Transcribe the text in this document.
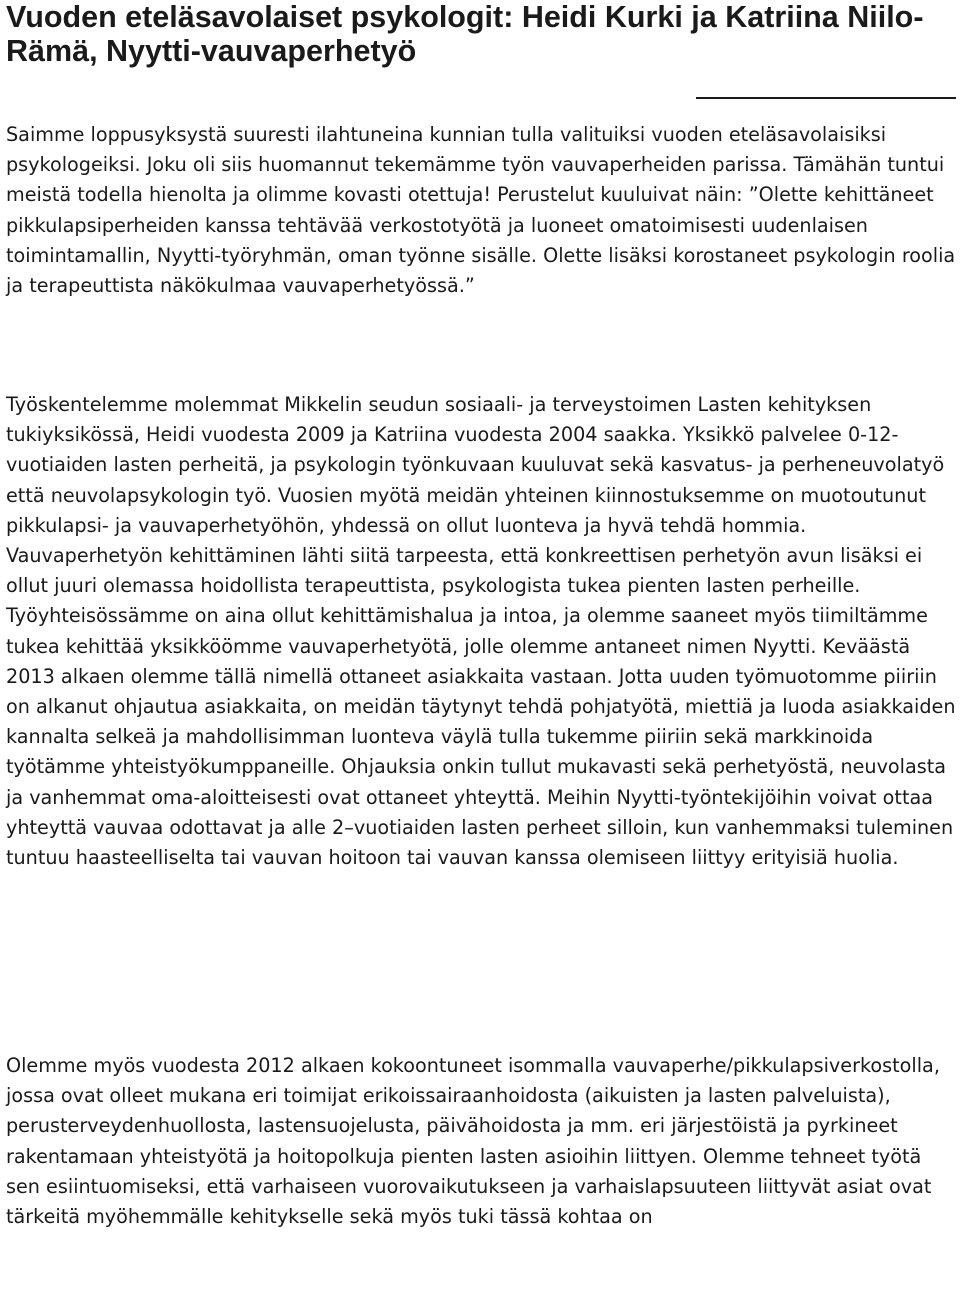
Vuoden eteläsavolaiset psykologit: Heidi Kurki ja Katriina Niilo-Rämä, Nyytti-vauvaperhetyö

Saimme loppusyksystä suuresti ilahtuneina kunnian tulla valituiksi vuoden eteläsavolaisiksi psykologeiksi. Joku oli siis huomannut tekemämme työn vauvaperheiden parissa. Tämähän tuntui meistä todella hienolta ja olimme kovasti otettuja! Perustelut kuuluivat näin: ”Olette kehittäneet pikkulapsiperheiden kanssa tehtävää verkostotyötä ja luoneet omatoimisesti uudenlaisen toimintamallin, Nyytti-työryhmän, oman työnne sisälle. Olette lisäksi korostaneet psykologin roolia ja terapeuttista näkökulmaa vauvaperhetyössä.”

Työskentelemme molemmat Mikkelin seudun sosiaali- ja terveystoimen Lasten kehityksen tukiyksikössä, Heidi vuodesta 2009 ja Katriina vuodesta 2004 saakka. Yksikkö palvelee 0-12-vuotiaiden lasten perheitä, ja psykologin työnkuvaan kuuluvat sekä kasvatus- ja perheneuvolatyö että neuvolapsykologin työ. Vuosien myötä meidän yhteinen kiinnostuksemme on muotoutunut pikkulapsi- ja vauvaperhetyöhön, yhdessä on ollut luonteva ja hyvä tehdä hommia. Vauvaperhetyön kehittäminen lähti siitä tarpeesta, että konkreettisen perhetyön avun lisäksi ei ollut juuri olemassa hoidollista terapeuttista, psykologista tukea pienten lasten perheille. Työyhteisössämme on aina ollut kehittämishalua ja intoa, ja olemme saaneet myös tiimiltämme tukea kehittää yksikköömme vauvaperhetyötä, jolle olemme antaneet nimen Nyytti. Keväästä 2013 alkaen olemme tällä nimellä ottaneet asiakkaita vastaan. Jotta uuden työmuotomme piiriin on alkanut ohjautua asiakkaita, on meidän täytynyt tehdä pohjatyötä, miettiä ja luoda asiakkaiden kannalta selkeä ja mahdollisimman luonteva väylä tulla tukemme piiriin sekä markkinoida työtämme yhteistyökumppaneille. Ohjauksia onkin tullut mukavasti sekä perhetyöstä, neuvolasta ja vanhemmat oma-aloitteisesti ovat ottaneet yhteyttä. Meihin Nyytti-työntekijöihin voivat ottaa yhteyttä vauvaa odottavat ja alle 2–vuotiaiden lasten perheet silloin, kun vanhemmaksi tuleminen tuntuu haasteelliselta tai vauvan hoitoon tai vauvan kanssa olemiseen liittyy erityisiä huolia.

Olemme myös vuodesta 2012 alkaen kokoontuneet isommalla vauvaperhe/pikkulapsiverkostolla, jossa ovat olleet mukana eri toimijat erikoissairaanhoidosta (aikuisten ja lasten palveluista), perusterveydenhuollosta, lastensuojelusta, päivähoidosta ja mm. eri järjestöistä ja pyrkineet rakentamaan yhteistyötä ja hoitopolkuja pienten lasten asioihin liittyen. Olemme tehneet työtä sen esiintuomiseksi, että varhaiseen vuorovaikutukseen ja varhaislapsuuteen liittyvät asiat ovat tärkeitä myöhemmälle kehitykselle sekä myös tuki tässä kohtaa on
